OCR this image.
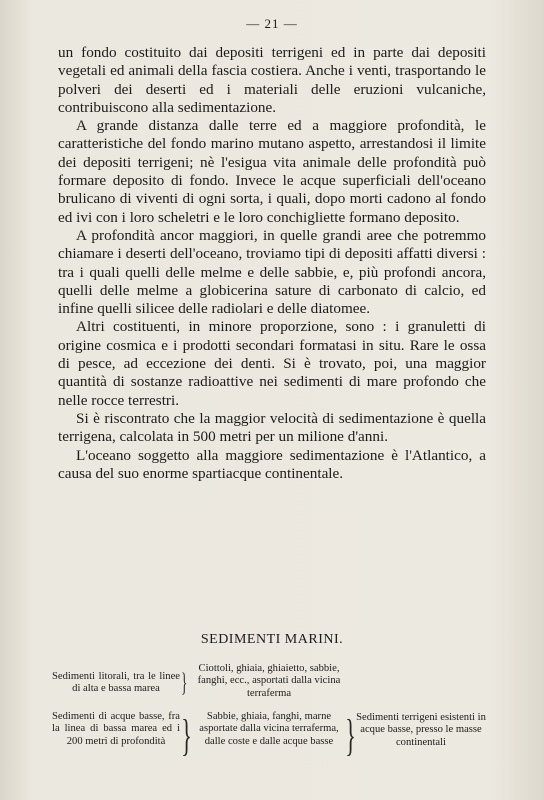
— 21 —

un fondo costituito dai depositi terrigeni ed in parte dai depositi vegetali ed animali della fascia costiera. Anche i venti, trasportando le polveri dei deserti ed i materiali delle eruzioni vulcaniche, contribuiscono alla sedimentazione.

A grande distanza dalle terre ed a maggiore profondità, le caratteristiche del fondo marino mutano aspetto, arrestandosi il limite dei depositi terrigeni; nè l'esigua vita animale delle profondità può formare deposito di fondo. Invece le acque superficiali dell'oceano brulicano di viventi di ogni sorta, i quali, dopo morti cadono al fondo ed ivi con i loro scheletri e le loro conchigliette formano deposito.

A profondità ancor maggiori, in quelle grandi aree che potremmo chiamare i deserti dell'oceano, troviamo tipi di depositi affatti diversi : tra i quali quelli delle melme e delle sabbie, e, più profondi ancora, quelli delle melme a globicerina sature di carbonato di calcio, ed infine quelli silicee delle radiolari e delle diatomee.

Altri costituenti, in minore proporzione, sono : i granuletti di origine cosmica e i prodotti secondari formatasi in situ. Rare le ossa di pesce, ad eccezione dei denti. Si è trovato, poi, una maggior quantità di sostanze radioattive nei sedimenti di mare profondo che nelle rocce terrestri.

Si è riscontrato che la maggior velocità di sedimentazione è quella terrigena, calcolata in 500 metri per un milione d'anni.

L'oceano soggetto alla maggiore sedimentazione è l'Atlantico, a causa del suo enorme spartiacque continentale.

SEDIMENTI MARINI.
Sedimenti litorali, tra le linee di alta e bassa marea }	Ciottoli, ghiaia, ghiaietto, sabbie, fanghi, ecc., asportati dalla vicina terraferma
Sedimenti di acque basse, fra la linea di bassa marea ed i 200 metri di profondità }	Sabbie, ghiaia, fanghi, marne asportate dalla vicina terraferma, dalle coste e dalle acque basse } Sedimenti terrigeni esistenti in acque basse, presso le masse continentali
